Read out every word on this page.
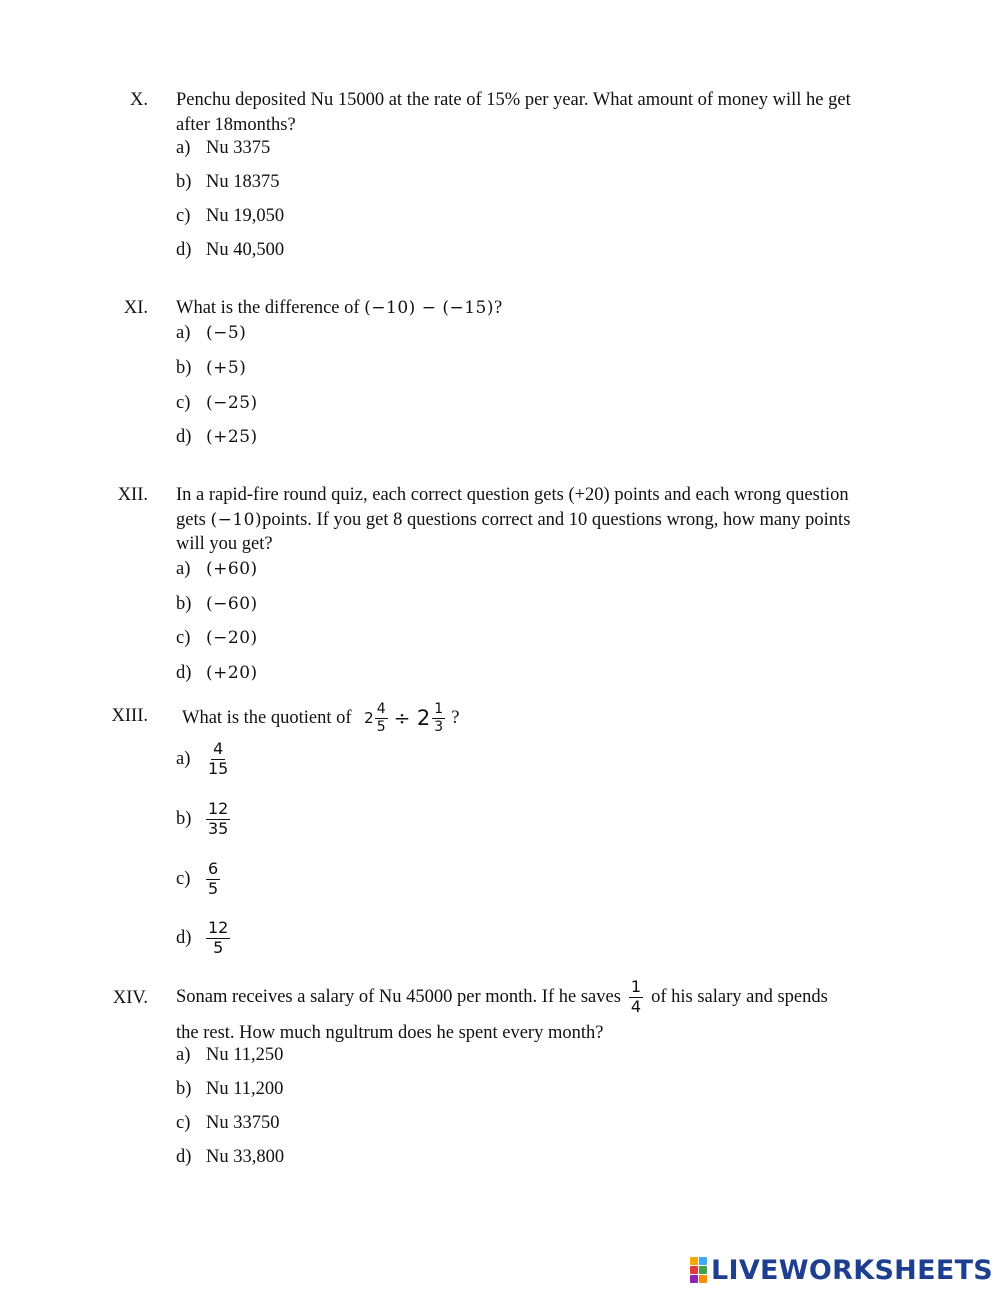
X. Penchu deposited Nu 15000 at the rate of 15% per year. What amount of money will he get after 18months?
a) Nu 3375
b) Nu 18375
c) Nu 19,050
d) Nu 40,500
XI. What is the difference of (−10) − (−15)?
a) (−5)
b) (+5)
c) (−25)
d) (+25)
XII. In a rapid-fire round quiz, each correct question gets (+20) points and each wrong question gets (−10)points. If you get 8 questions correct and 10 questions wrong, how many points will you get?
a) (+60)
b) (−60)
c) (−20)
d) (+20)
XIII. What is the quotient of $2 \frac{4}{5} \div 2 \frac{1}{3}$ ?
$a) \frac{4}{15}$
$b) \frac{12}{35}$
$c) \frac{6}{5}$
$d) \frac{12}{5}$
XIV. Sonam receives a salary of Nu 45000 per month. If he saves $\frac{1}{4}$ of his salary and spends
the rest. How much ngultrum does he spent every month?
a) Nu 11,250
b) Nu 11,200
c) Nu 33750
d) Nu 33,800
LIVEWORKSHEETS
